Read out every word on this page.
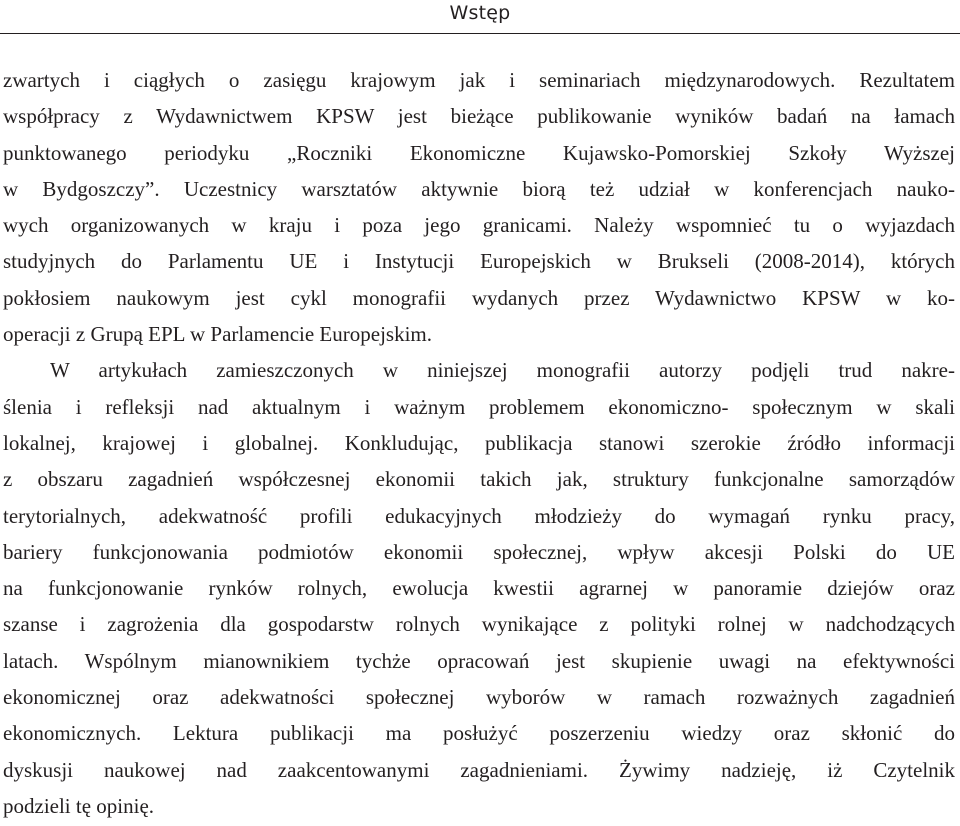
Wstęp
zwartych i ciągłych o zasięgu krajowym jak i seminariach międzynarodowych. Rezultatem
współpracy z Wydawnictwem KPSW jest bieżące publikowanie wyników badań na łamach
punktowanego periodyku „Roczniki Ekonomiczne Kujawsko-Pomorskiej Szkoły Wyższej
w Bydgoszczy”. Uczestnicy warsztatów aktywnie biorą też udział w konferencjach nauko-
wych organizowanych w kraju i poza jego granicami. Należy wspomnieć tu o wyjazdach
studyjnych do Parlamentu UE i Instytucji Europejskich w Brukseli (2008-2014), których
pokłosiem naukowym jest cykl monografii wydanych przez Wydawnictwo KPSW w ko-
operacji z Grupą EPL w Parlamencie Europejskim.
W artykułach zamieszczonych w niniejszej monografii autorzy podjęli trud nakre-
ślenia i refleksji nad aktualnym i ważnym problemem ekonomiczno- społecznym w skali
lokalnej, krajowej i globalnej. Konkludując, publikacja stanowi szerokie źródło informacji
z obszaru zagadnień współczesnej ekonomii takich jak, struktury funkcjonalne samorządów
terytorialnych, adekwatność profili edukacyjnych młodzieży do wymagań rynku pracy,
bariery funkcjonowania podmiotów ekonomii społecznej, wpływ akcesji Polski do UE
na funkcjonowanie rynków rolnych, ewolucja kwestii agrarnej w panoramie dziejów oraz
szanse i zagrożenia dla gospodarstw rolnych wynikające z polityki rolnej w nadchodzących
latach. Wspólnym mianownikiem tychże opracowań jest skupienie uwagi na efektywności
ekonomicznej oraz adekwatności społecznej wyborów w ramach rozważnych zagadnień
ekonomicznych. Lektura publikacji ma posłużyć poszerzeniu wiedzy oraz skłonić do
dyskusji naukowej nad zaakcentowanymi zagadnieniami. Żywimy nadzieję, iż Czytelnik
podzieli tę opinię.
